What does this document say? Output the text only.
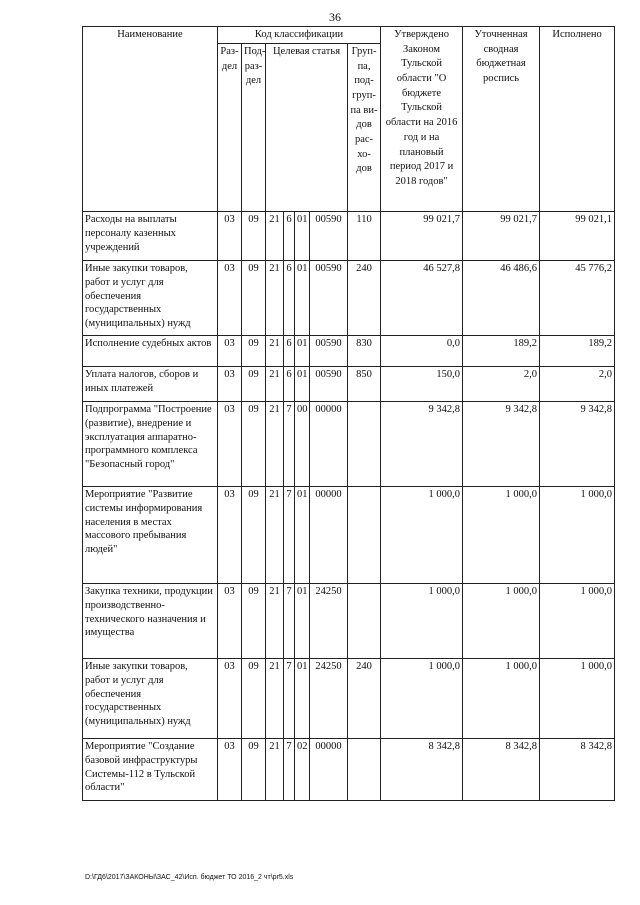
36
Наименование	Код классификации							Утверждено Законом Тульской области "О бюджете Тульской области на 2016 год и на плановый период 2017 и 2018 годов"	Уточненная сводная бюджетная роспись	Исполнено
	Раз-дел	Под-раз-дел	Целевая статья				Груп-па, под-груп-па ви-дов рас-хо-дов			
Расходы на выплаты персоналу казенных учреждений	03	09	21	6	01	00590	110	99 021,7	99 021,7	99 021,1
Иные закупки товаров, работ и услуг для обеспечения государственных (муниципальных) нужд	03	09	21	6	01	00590	240	46 527,8	46 486,6	45 776,2
Исполнение судебных актов	03	09	21	6	01	00590	830	0,0	189,2	189,2
Уплата налогов, сборов и иных платежей	03	09	21	6	01	00590	850	150,0	2,0	2,0
Подпрограмма "Построение (развитие), внедрение и эксплуатация аппаратно-программного комплекса "Безопасный город"	03	09	21	7	00	00000		9 342,8	9 342,8	9 342,8
Мероприятие "Развитие системы информирования населения в местах массового пребывания людей"	03	09	21	7	01	00000		1 000,0	1 000,0	1 000,0
Закупка техники, продукции производственно-технического назначения и имущества	03	09	21	7	01	24250		1 000,0	1 000,0	1 000,0
Иные закупки товаров, работ и услуг для обеспечения государственных (муниципальных) нужд	03	09	21	7	01	24250	240	1 000,0	1 000,0	1 000,0
Мероприятие "Создание базовой инфраструктуры Системы-112 в Тульской области"	03	09	21	7	02	00000		8 342,8	8 342,8	8 342,8
D:\ГД6\2017\ЗАКОНЫ\ЗАС_42\Исп. бюджет ТО 2016_2 чт\pr5.xls
